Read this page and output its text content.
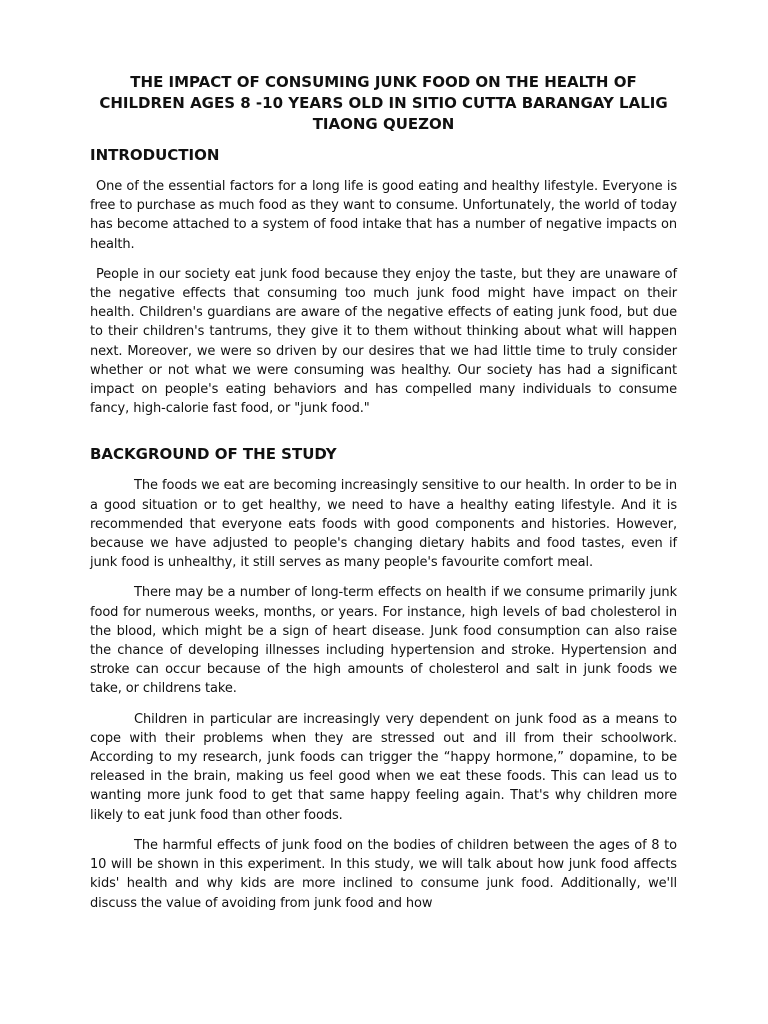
THE IMPACT OF CONSUMING JUNK FOOD ON THE HEALTH OF CHILDREN AGES 8 -10 YEARS OLD IN SITIO CUTTA BARANGAY LALIG TIAONG QUEZON
INTRODUCTION

One of the essential factors for a long life is good eating and healthy lifestyle. Everyone is free to purchase as much food as they want to consume. Unfortunately, the world of today has become attached to a system of food intake that has a number of negative impacts on health.

People in our society eat junk food because they enjoy the taste, but they are unaware of the negative effects that consuming too much junk food might have impact on their health. Children's guardians are aware of the negative effects of eating junk food, but due to their children's tantrums, they give it to them without thinking about what will happen next. Moreover, we were so driven by our desires that we had little time to truly consider whether or not what we were consuming was healthy. Our society has had a significant impact on people's eating behaviors and has compelled many individuals to consume fancy, high-calorie fast food, or "junk food."

BACKGROUND OF THE STUDY

The foods we eat are becoming increasingly sensitive to our health. In order to be in a good situation or to get healthy, we need to have a healthy eating lifestyle. And it is recommended that everyone eats foods with good components and histories. However, because we have adjusted to people's changing dietary habits and food tastes, even if junk food is unhealthy, it still serves as many people's favourite comfort meal.

There may be a number of long-term effects on health if we consume primarily junk food for numerous weeks, months, or years. For instance, high levels of bad cholesterol in the blood, which might be a sign of heart disease. Junk food consumption can also raise the chance of developing illnesses including hypertension and stroke. Hypertension and stroke can occur because of the high amounts of cholesterol and salt in junk foods we take, or childrens take.

Children in particular are increasingly very dependent on junk food as a means to cope with their problems when they are stressed out and ill from their schoolwork. According to my research, junk foods can trigger the “happy hormone,” dopamine, to be released in the brain, making us feel good when we eat these foods. This can lead us to wanting more junk food to get that same happy feeling again. That's why children more likely to eat junk food than other foods.

The harmful effects of junk food on the bodies of children between the ages of 8 to 10 will be shown in this experiment. In this study, we will talk about how junk food affects kids' health and why kids are more inclined to consume junk food. Additionally, we'll discuss the value of avoiding from junk food and how
